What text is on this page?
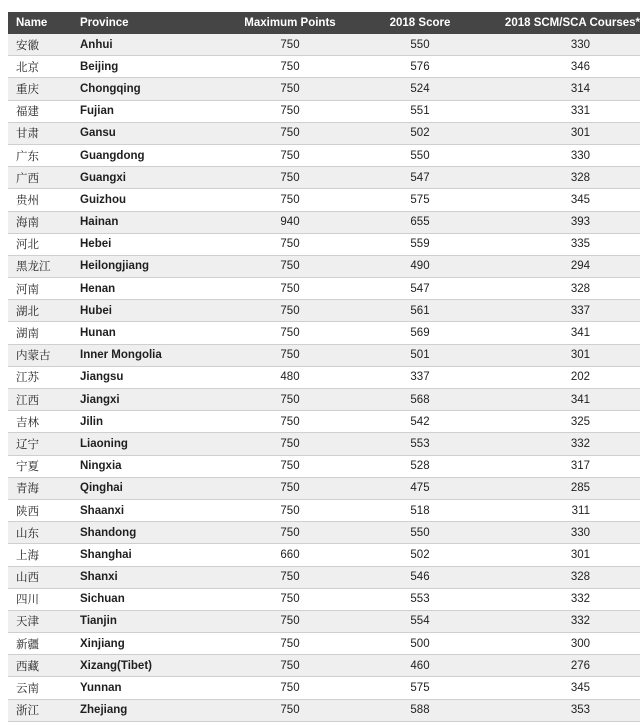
Name	Province	Maximum Points	2018 Score	2018 SCM/SCA Courses*
安徽	Anhui	750	550	330
北京	Beijing	750	576	346
重庆	Chongqing	750	524	314
福建	Fujian	750	551	331
甘肃	Gansu	750	502	301
广东	Guangdong	750	550	330
广西	Guangxi	750	547	328
贵州	Guizhou	750	575	345
海南	Hainan	940	655	393
河北	Hebei	750	559	335
黑龙江	Heilongjiang	750	490	294
河南	Henan	750	547	328
湖北	Hubei	750	561	337
湖南	Hunan	750	569	341
内蒙古	Inner Mongolia	750	501	301
江苏	Jiangsu	480	337	202
江西	Jiangxi	750	568	341
吉林	Jilin	750	542	325
辽宁	Liaoning	750	553	332
宁夏	Ningxia	750	528	317
青海	Qinghai	750	475	285
陕西	Shaanxi	750	518	311
山东	Shandong	750	550	330
上海	Shanghai	660	502	301
山西	Shanxi	750	546	328
四川	Sichuan	750	553	332
天津	Tianjin	750	554	332
新疆	Xinjiang	750	500	300
西藏	Xizang(Tibet)	750	460	276
云南	Yunnan	750	575	345
浙江	Zhejiang	750	588	353
